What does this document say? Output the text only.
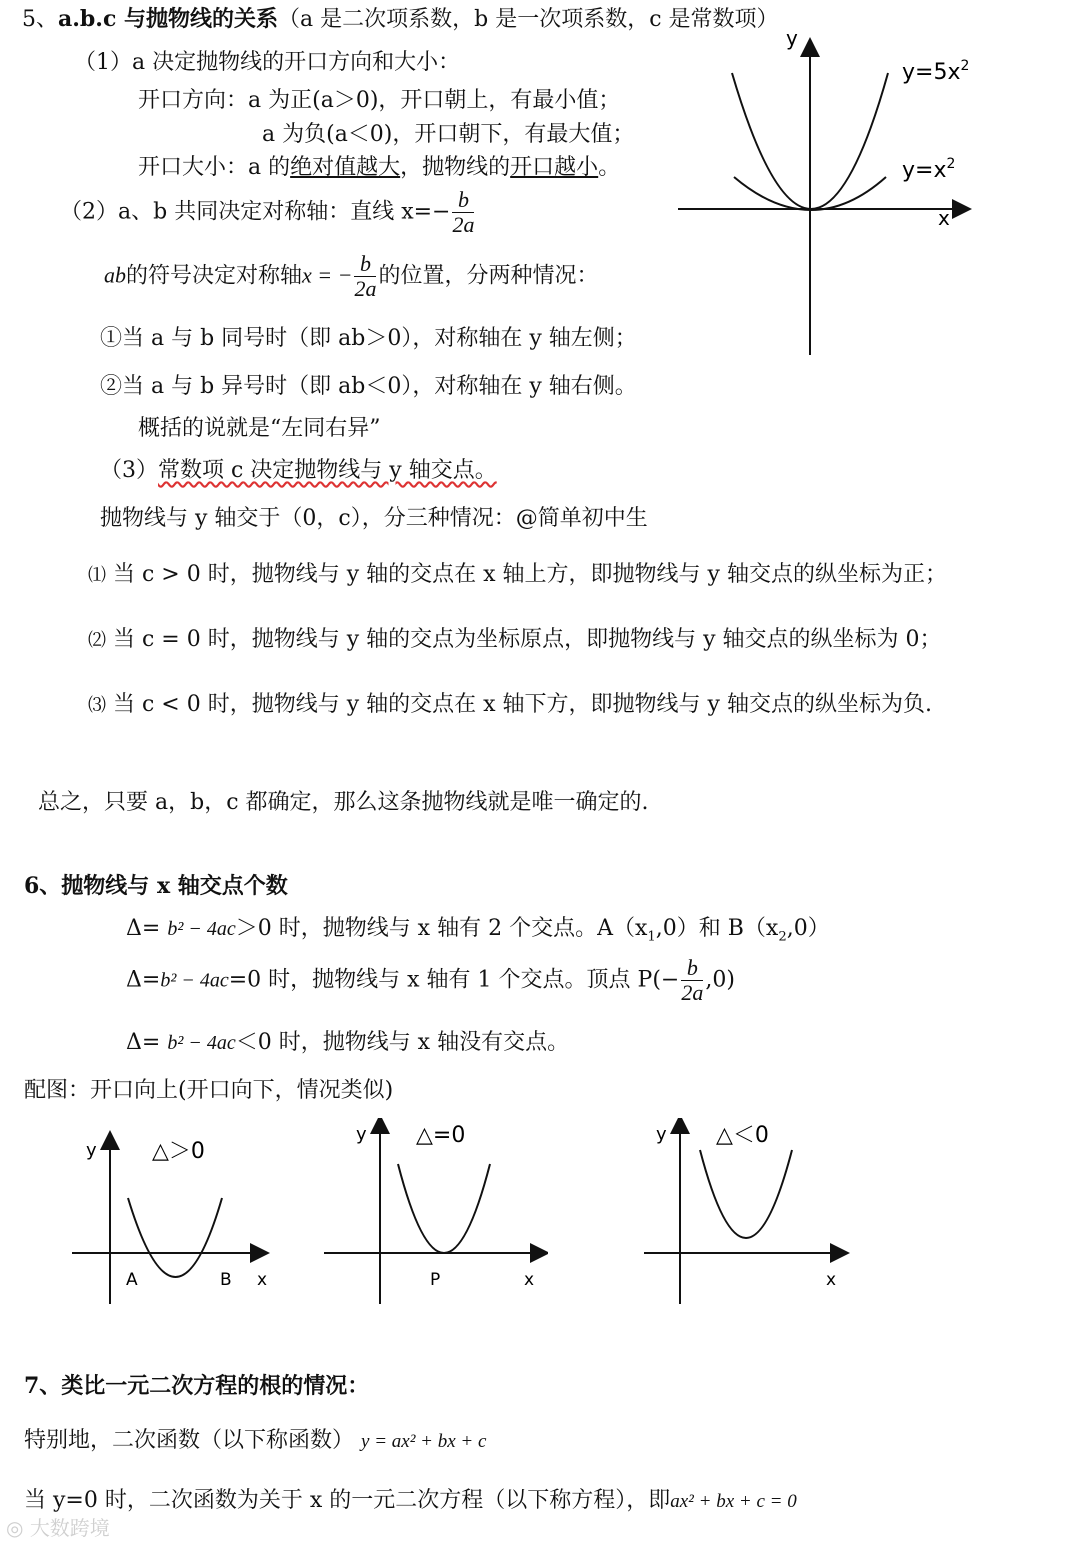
5、a.b.c 与抛物线的关系（a 是二次项系数，b 是一次项系数，c 是常数项）
（1）a 决定抛物线的开口方向和大小：
开口方向：a 为正(a＞0)，开口朝上，有最小值；
a 为负(a＜0)，开口朝下，有最大值；
开口大小：a 的绝对值越大，抛物线的开口越小。
（2）a、b 共同决定对称轴：直线 $x=- \frac{b}{2a}$
ab的符号决定对称轴x = − $\frac{b}{2a}$ 的位置，分两种情况：
①当 a 与 b 同号时（即 ab＞0），对称轴在 y 轴左侧；
②当 a 与 b 异号时（即 ab＜0），对称轴在 y 轴右侧。
概括的说就是“左同右异”
（3）常数项 c 决定抛物线与 y 轴交点。
抛物线与 y 轴交于（0，c），分三种情况：@简单初中生
⑴ 当 c > 0 时，抛物线与 y 轴的交点在 x 轴上方，即抛物线与 y 轴交点的纵坐标为正；
⑵ 当 c = 0 时，抛物线与 y 轴的交点为坐标原点，即抛物线与 y 轴交点的纵坐标为 0；
⑶ 当 c < 0 时，抛物线与 y 轴的交点在 x 轴下方，即抛物线与 y 轴交点的纵坐标为负.
总之，只要 a，b，c 都确定，那么这条抛物线就是唯一确定的.
y
x
$y=5x^2$
$y=x^2$
6、抛物线与 x 轴交点个数
Δ= b² − 4ac＞0 时，抛物线与 x 轴有 2 个交点。$A(x_1,0)$和 $B(x_2,0)$
Δ=b² − 4ac=0 时，抛物线与 x 轴有 1 个交点。顶点 $P(- \frac{b}{2a} ,0)$
Δ= b² − 4ac＜0 时，抛物线与 x 轴没有交点。
配图：开口向上(开口向下，情况类似)
y	△＞0
A	B x
y △=0
P	x
y △＜0
x
7、类比一元二次方程的根的情况：
特别地，二次函数（以下称函数） y = ax² + bx + c
当 y=0 时，二次函数为关于 x 的一元二次方程（以下称方程），即ax² + bx + c = 0
◎ 大数跨境
